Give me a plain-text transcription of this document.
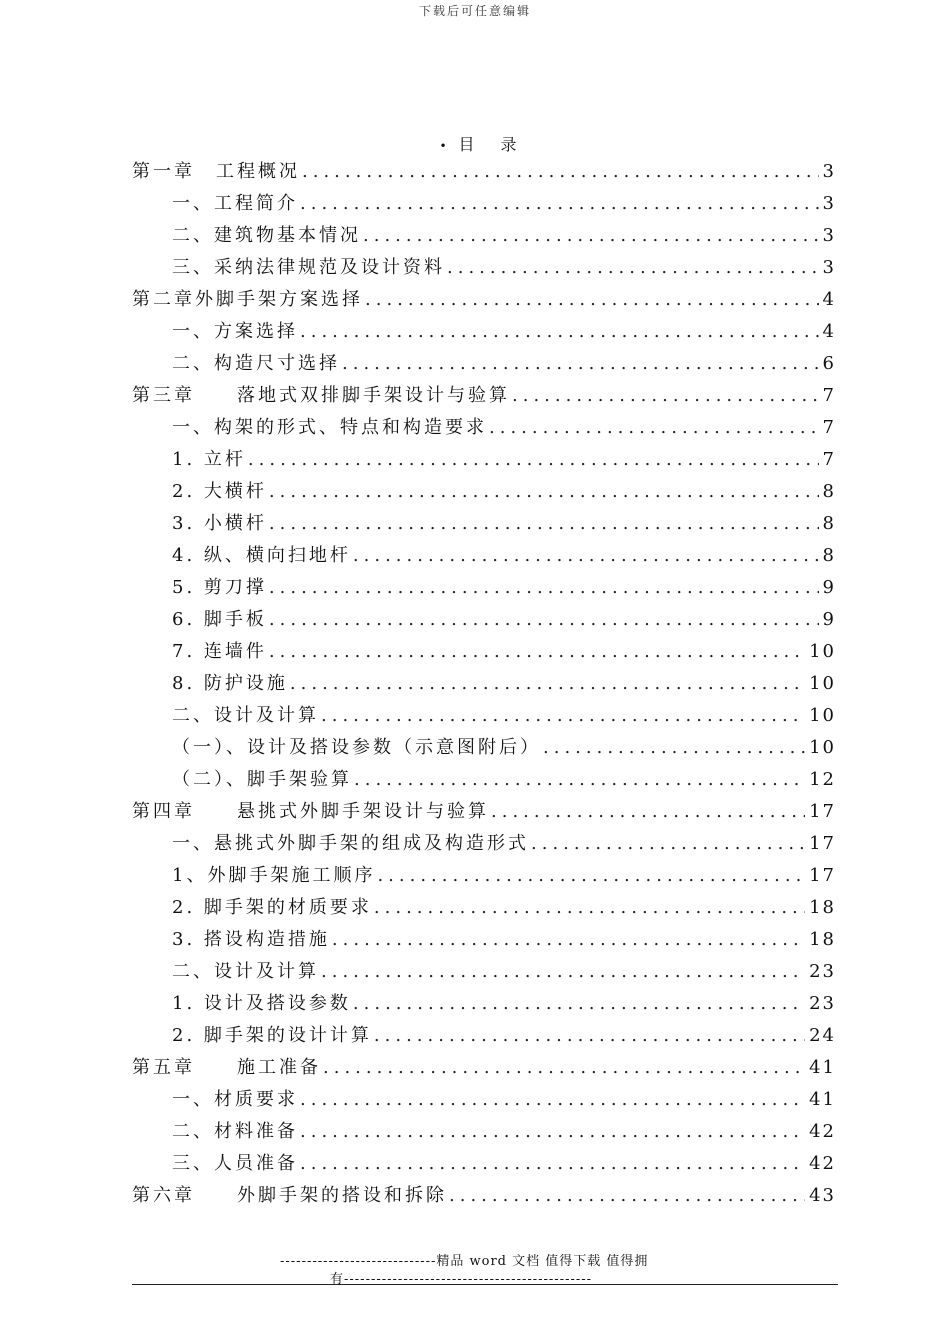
下载后可任意编辑
• 目 录
第一章　工程概况 .....	3
一、工程简介 .....	3
二、建筑物基本情况 .....	3
三、采纳法律规范及设计资料 .....	3
第二章外脚手架方案选择 .....	4
一、方案选择 .....	4
二、构造尺寸选择 .....	6
第三章　　落地式双排脚手架设计与验算 .....	7
一、构架的形式、特点和构造要求 .....	7
1. 立杆 .....	7
2. 大横杆 .....	8
3. 小横杆 .....	8
4. 纵、横向扫地杆 .....	8
5. 剪刀撑 .....	9
6. 脚手板 .....	9
7. 连墙件 .....	10
8. 防护设施 .....	10
二、设计及计算 .....	10
（一）、设计及搭设参数（示意图附后） .....	10
（二）、脚手架验算 .....	12
第四章　　悬挑式外脚手架设计与验算 .....	17
一、悬挑式外脚手架的组成及构造形式 .....	17
1、外脚手架施工顺序 .....	17
2. 脚手架的材质要求 .....	18
3. 搭设构造措施 .....	18
二、设计及计算 .....	23
1. 设计及搭设参数 .....	23
2. 脚手架的设计计算 .....	24
第五章　　施工准备 .....	41
一、材质要求 .....	41
二、材料准备 .....	42
三、人员准备 .....	42
第六章　　外脚手架的搭设和拆除 .....	43
-----------------------------精品 word 文档 值得下载 值得拥
有----------------------------------------------
